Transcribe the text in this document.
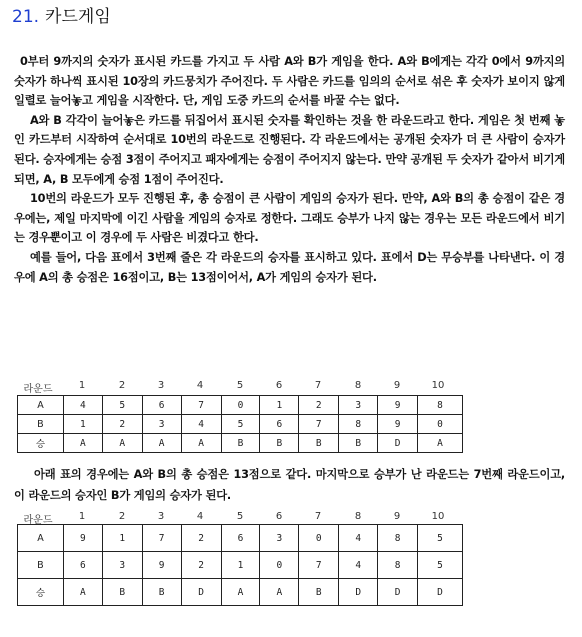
21. 카드게임

0부터 9까지의 숫자가 표시된 카드를 가지고 두 사람 A와 B가 게임을 한다. A와 B에게는 각각 0에서 9까지의 숫자가 하나씩 표시된 10장의 카드뭉치가 주어진다. 두 사람은 카드를 임의의 순서로 섞은 후 숫자가 보이지 않게 일렬로 늘어놓고 게임을 시작한다. 단, 게임 도중 카드의 순서를 바꿀 수는 없다.

A와 B 각각이 늘어놓은 카드를 뒤집어서 표시된 숫자를 확인하는 것을 한 라운드라고 한다. 게임은 첫 번째 놓인 카드부터 시작하여 순서대로 10번의 라운드로 진행된다. 각 라운드에서는 공개된 숫자가 더 큰 사람이 승자가 된다. 승자에게는 승점 3점이 주어지고 패자에게는 승점이 주어지지 않는다. 만약 공개된 두 숫자가 같아서 비기게 되면, A, B 모두에게 승점 1점이 주어진다.

10번의 라운드가 모두 진행된 후, 총 승점이 큰 사람이 게임의 승자가 된다. 만약, A와 B의 총 승점이 같은 경우에는, 제일 마지막에 이긴 사람을 게임의 승자로 정한다. 그래도 승부가 나지 않는 경우는 모든 라운드에서 비기는 경우뿐이고 이 경우에 두 사람은 비겼다고 한다.

예를 들어, 다음 표에서 3번째 줄은 각 라운드의 승자를 표시하고 있다. 표에서 D는 무승부를 나타낸다. 이 경우에 A의 총 승점은 16점이고, B는 13점이어서, A가 게임의 승자가 된다.

라운드	1	2	3	4	5	6	7	8	9	10
A	4	5	6	7	0	1	2	3	9	8
B	1	2	3	4	5	6	7	8	9	0
승	A	A	A	A	B	B	B	B	D	A

아래 표의 경우에는 A와 B의 총 승점은 13점으로 같다. 마지막으로 승부가 난 라운드는 7번째 라운드이고, 이 라운드의 승자인 B가 게임의 승자가 된다.

라운드	1	2	3	4	5	6	7	8	9	10
A	9	1	7	2	6	3	0	4	8	5
B	6	3	9	2	1	0	7	4	8	5
승	A	B	B	D	A	A	B	D	D	D
